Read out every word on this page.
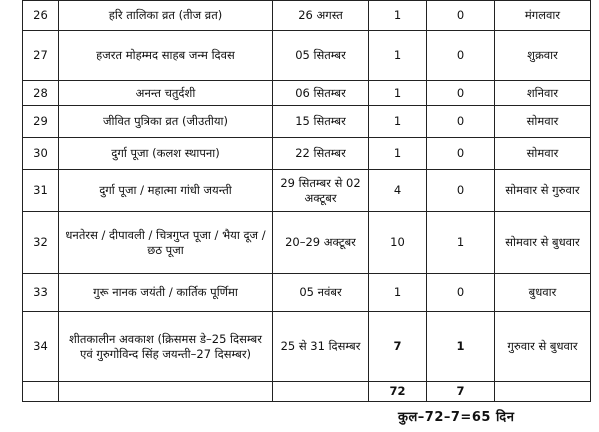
26	हरि तालिका व्रत (तीज व्रत)	26 अगस्त	1	0	मंगलवार
27	हजरत मोहम्मद साहब जन्म दिवस	05 सितम्बर	1	0	शुक्रवार
28	अनन्त चतुर्दशी	06 सितम्बर	1	0	शनिवार
29	जीवित पुत्रिका व्रत (जीउतीया)	15 सितम्बर	1	0	सोमवार
30	दुर्गा पूजा (कलश स्थापना)	22 सितम्बर	1	0	सोमवार
31	दुर्गा पूजा / महात्मा गांधी जयन्ती	29 सितम्बर से 02 अक्टूबर	4	0	सोमवार से गुरुवार
32	धनतेरस / दीपावली / चित्रगुप्त पूजा / भैया दूज / छठ पूजा	20–29 अक्टूबर	10	1	सोमवार से बुधवार
33	गुरू नानक जयंती / कार्तिक पूर्णिमा	05 नवंबर	1	0	बुधवार
34	शीतकालीन अवकाश (क्रिसमस डे–25 दिसम्बर एवं गुरुगोविन्द सिंह जयन्ती–27 दिसम्बर)	25 से 31 दिसम्बर	7	1	गुरुवार से बुधवार
			72	7	
कुल–72–7=65 दिन
